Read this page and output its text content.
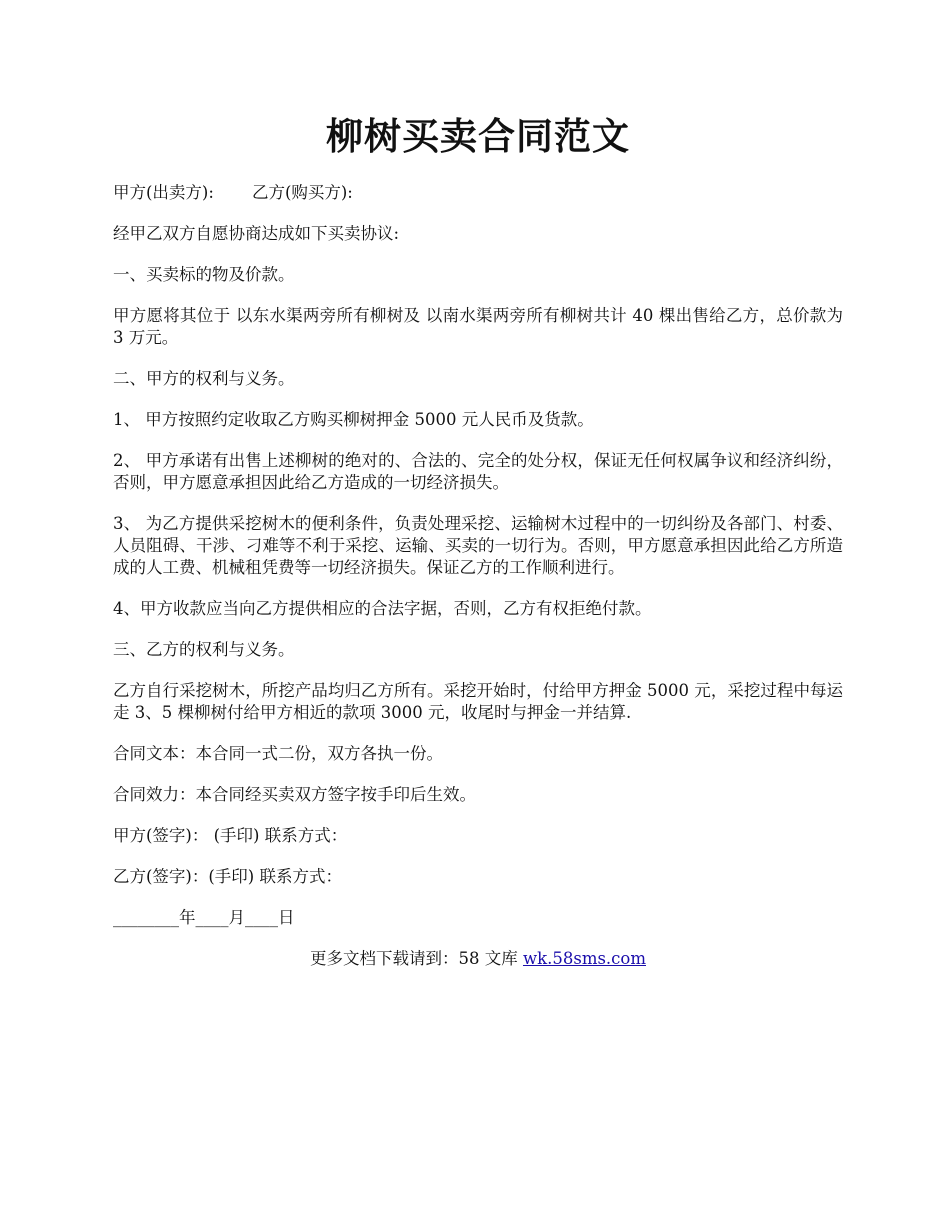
柳树买卖合同范文

甲方(出卖方): 乙方(购买方):

经甲乙双方自愿协商达成如下买卖协议:

一、买卖标的物及价款。

甲方愿将其位于 以东水渠两旁所有柳树及 以南水渠两旁所有柳树共计 40 棵出售给乙方，总价款为 3 万元。

二、甲方的权利与义务。

1、 甲方按照约定收取乙方购买柳树押金 5000 元人民币及货款。

2、 甲方承诺有出售上述柳树的绝对的、合法的、完全的处分权，保证无任何权属争议和经济纠纷，否则，甲方愿意承担因此给乙方造成的一切经济损失。

3、 为乙方提供采挖树木的便利条件，负责处理采挖、运输树木过程中的一切纠纷及各部门、村委、人员阻碍、干涉、刁难等不利于采挖、运输、买卖的一切行为。否则，甲方愿意承担因此给乙方所造成的人工费、机械租凭费等一切经济损失。保证乙方的工作顺利进行。

4、甲方收款应当向乙方提供相应的合法字据，否则，乙方有权拒绝付款。

三、乙方的权利与义务。

乙方自行采挖树木，所挖产品均归乙方所有。采挖开始时，付给甲方押金 5000 元，采挖过程中每运走 3、5 棵柳树付给甲方相近的款项 3000 元，收尾时与押金一并结算.

合同文本：本合同一式二份，双方各执一份。

合同效力：本合同经买卖双方签字按手印后生效。

甲方(签字)： (手印) 联系方式：

乙方(签字)：(手印) 联系方式：

________年____月____日

更多文档下载请到：58 文库 wk.58sms.com
